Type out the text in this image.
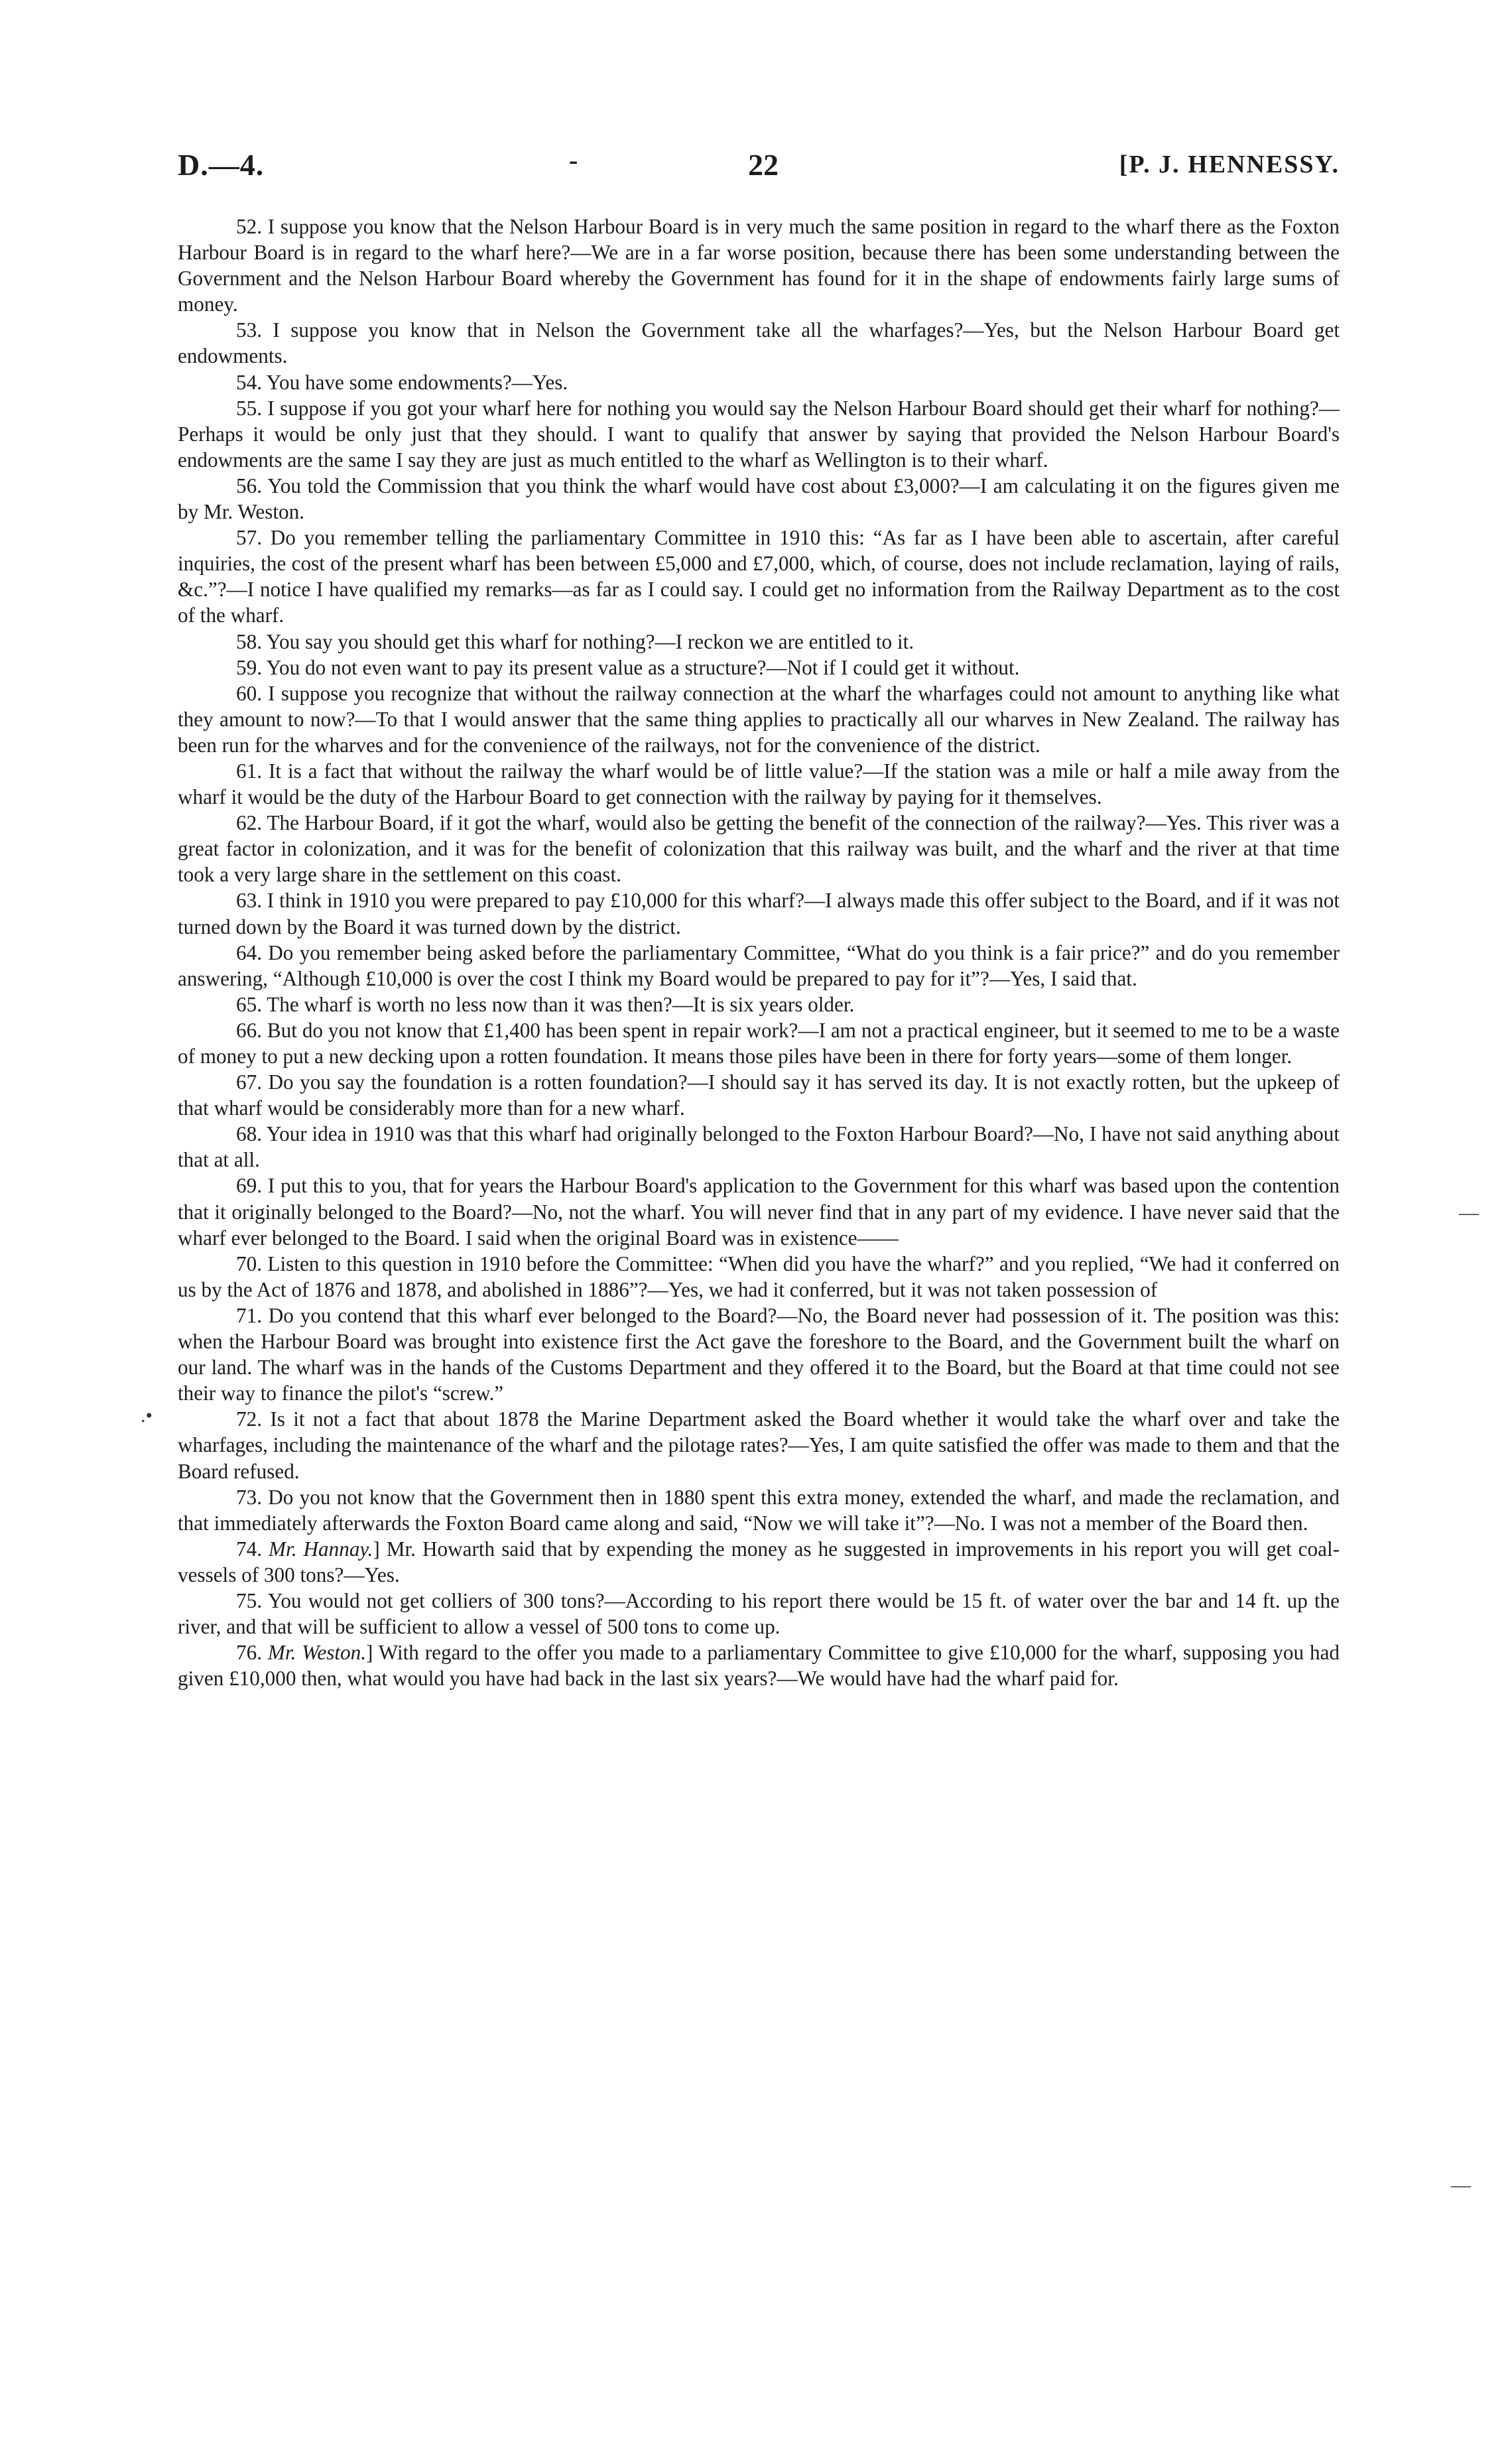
D.—4.	-	22	[P. J. HENNESSY.

52. I suppose you know that the Nelson Harbour Board is in very much the same position in regard to the wharf there as the Foxton Harbour Board is in regard to the wharf here?—We are in a far worse position, because there has been some understanding between the Government and the Nelson Harbour Board whereby the Government has found for it in the shape of endowments fairly large sums of money.

53. I suppose you know that in Nelson the Government take all the wharfages?—Yes, but the Nelson Harbour Board get endowments.

54. You have some endowments?—Yes.

55. I suppose if you got your wharf here for nothing you would say the Nelson Harbour Board should get their wharf for nothing?—Perhaps it would be only just that they should. I want to qualify that answer by saying that provided the Nelson Harbour Board's endowments are the same I say they are just as much entitled to the wharf as Wellington is to their wharf.

56. You told the Commission that you think the wharf would have cost about £3,000?—I am calculating it on the figures given me by Mr. Weston.

57. Do you remember telling the parliamentary Committee in 1910 this: “As far as I have been able to ascertain, after careful inquiries, the cost of the present wharf has been between £5,000 and £7,000, which, of course, does not include reclamation, laying of rails, &c.”?—I notice I have qualified my remarks—as far as I could say. I could get no information from the Railway Department as to the cost of the wharf.

58. You say you should get this wharf for nothing?—I reckon we are entitled to it.

59. You do not even want to pay its present value as a structure?—Not if I could get it without.

60. I suppose you recognize that without the railway connection at the wharf the wharfages could not amount to anything like what they amount to now?—To that I would answer that the same thing applies to practically all our wharves in New Zealand. The railway has been run for the wharves and for the convenience of the railways, not for the convenience of the district.

61. It is a fact that without the railway the wharf would be of little value?—If the station was a mile or half a mile away from the wharf it would be the duty of the Harbour Board to get connection with the railway by paying for it themselves.

62. The Harbour Board, if it got the wharf, would also be getting the benefit of the connection of the railway?—Yes. This river was a great factor in colonization, and it was for the benefit of colonization that this railway was built, and the wharf and the river at that time took a very large share in the settlement on this coast.

63. I think in 1910 you were prepared to pay £10,000 for this wharf?—I always made this offer subject to the Board, and if it was not turned down by the Board it was turned down by the district.

64. Do you remember being asked before the parliamentary Committee, “What do you think is a fair price?” and do you remember answering, “Although £10,000 is over the cost I think my Board would be prepared to pay for it”?—Yes, I said that.

65. The wharf is worth no less now than it was then?—It is six years older.

66. But do you not know that £1,400 has been spent in repair work?—I am not a practical engineer, but it seemed to me to be a waste of money to put a new decking upon a rotten foundation. It means those piles have been in there for forty years—some of them longer.

67. Do you say the foundation is a rotten foundation?—I should say it has served its day. It is not exactly rotten, but the upkeep of that wharf would be considerably more than for a new wharf.

68. Your idea in 1910 was that this wharf had originally belonged to the Foxton Harbour Board?—No, I have not said anything about that at all.

69. I put this to you, that for years the Harbour Board's application to the Government for this wharf was based upon the contention that it originally belonged to the Board?—No, not the wharf. You will never find that in any part of my evidence. I have never said that the wharf ever belonged to the Board. I said when the original Board was in existence——

70. Listen to this question in 1910 before the Committee: “When did you have the wharf?” and you replied, “We had it conferred on us by the Act of 1876 and 1878, and abolished in 1886”?—Yes, we had it conferred, but it was not taken possession of

71. Do you contend that this wharf ever belonged to the Board?—No, the Board never had possession of it. The position was this: when the Harbour Board was brought into existence first the Act gave the foreshore to the Board, and the Government built the wharf on our land. The wharf was in the hands of the Customs Department and they offered it to the Board, but the Board at that time could not see their way to finance the pilot's “screw.”

72. Is it not a fact that about 1878 the Marine Department asked the Board whether it would take the wharf over and take the wharfages, including the maintenance of the wharf and the pilotage rates?—Yes, I am quite satisfied the offer was made to them and that the Board refused.

73. Do you not know that the Government then in 1880 spent this extra money, extended the wharf, and made the reclamation, and that immediately afterwards the Foxton Board came along and said, “Now we will take it”?—No. I was not a member of the Board then.

74. Mr. Hannay.] Mr. Howarth said that by expending the money as he suggested in improvements in his report you will get coal-vessels of 300 tons?—Yes.

75. You would not get colliers of 300 tons?—According to his report there would be 15 ft. of water over the bar and 14 ft. up the river, and that will be sufficient to allow a vessel of 500 tons to come up.

76. Mr. Weston.] With regard to the offer you made to a parliamentary Committee to give £10,000 for the wharf, supposing you had given £10,000 then, what would you have had back in the last six years?—We would have had the wharf paid for.

.•
—
—
